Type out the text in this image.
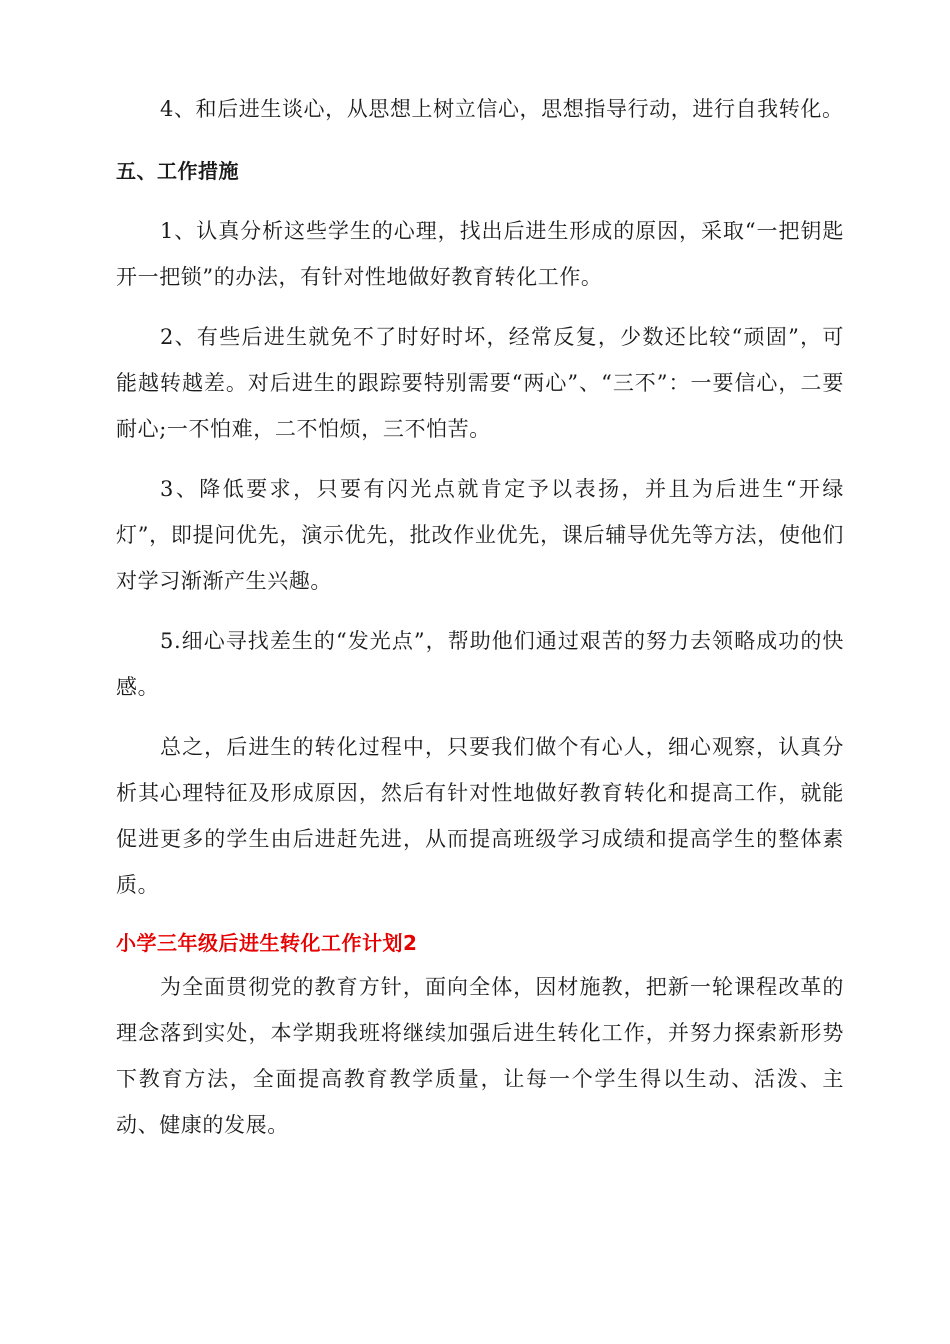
4、和后进生谈心，从思想上树立信心，思想指导行动，进行自我转化。

五、工作措施

1、认真分析这些学生的心理，找出后进生形成的原因，采取“一把钥匙开一把锁”的办法，有针对性地做好教育转化工作。

2、有些后进生就免不了时好时坏，经常反复，少数还比较“顽固”，可能越转越差。对后进生的跟踪要特别需要“两心”、“三不”：一要信心，二要耐心;一不怕难，二不怕烦，三不怕苦。

3、降低要求，只要有闪光点就肯定予以表扬，并且为后进生“开绿灯”，即提问优先，演示优先，批改作业优先，课后辅导优先等方法，使他们对学习渐渐产生兴趣。

5.细心寻找差生的“发光点”，帮助他们通过艰苦的努力去领略成功的快感。

总之，后进生的转化过程中，只要我们做个有心人，细心观察，认真分析其心理特征及形成原因，然后有针对性地做好教育转化和提高工作，就能促进更多的学生由后进赶先进，从而提高班级学习成绩和提高学生的整体素质。

小学三年级后进生转化工作计划2

为全面贯彻党的教育方针，面向全体，因材施教，把新一轮课程改革的理念落到实处，本学期我班将继续加强后进生转化工作，并努力探索新形势下教育方法，全面提高教育教学质量，让每一个学生得以生动、活泼、主动、健康的发展。
